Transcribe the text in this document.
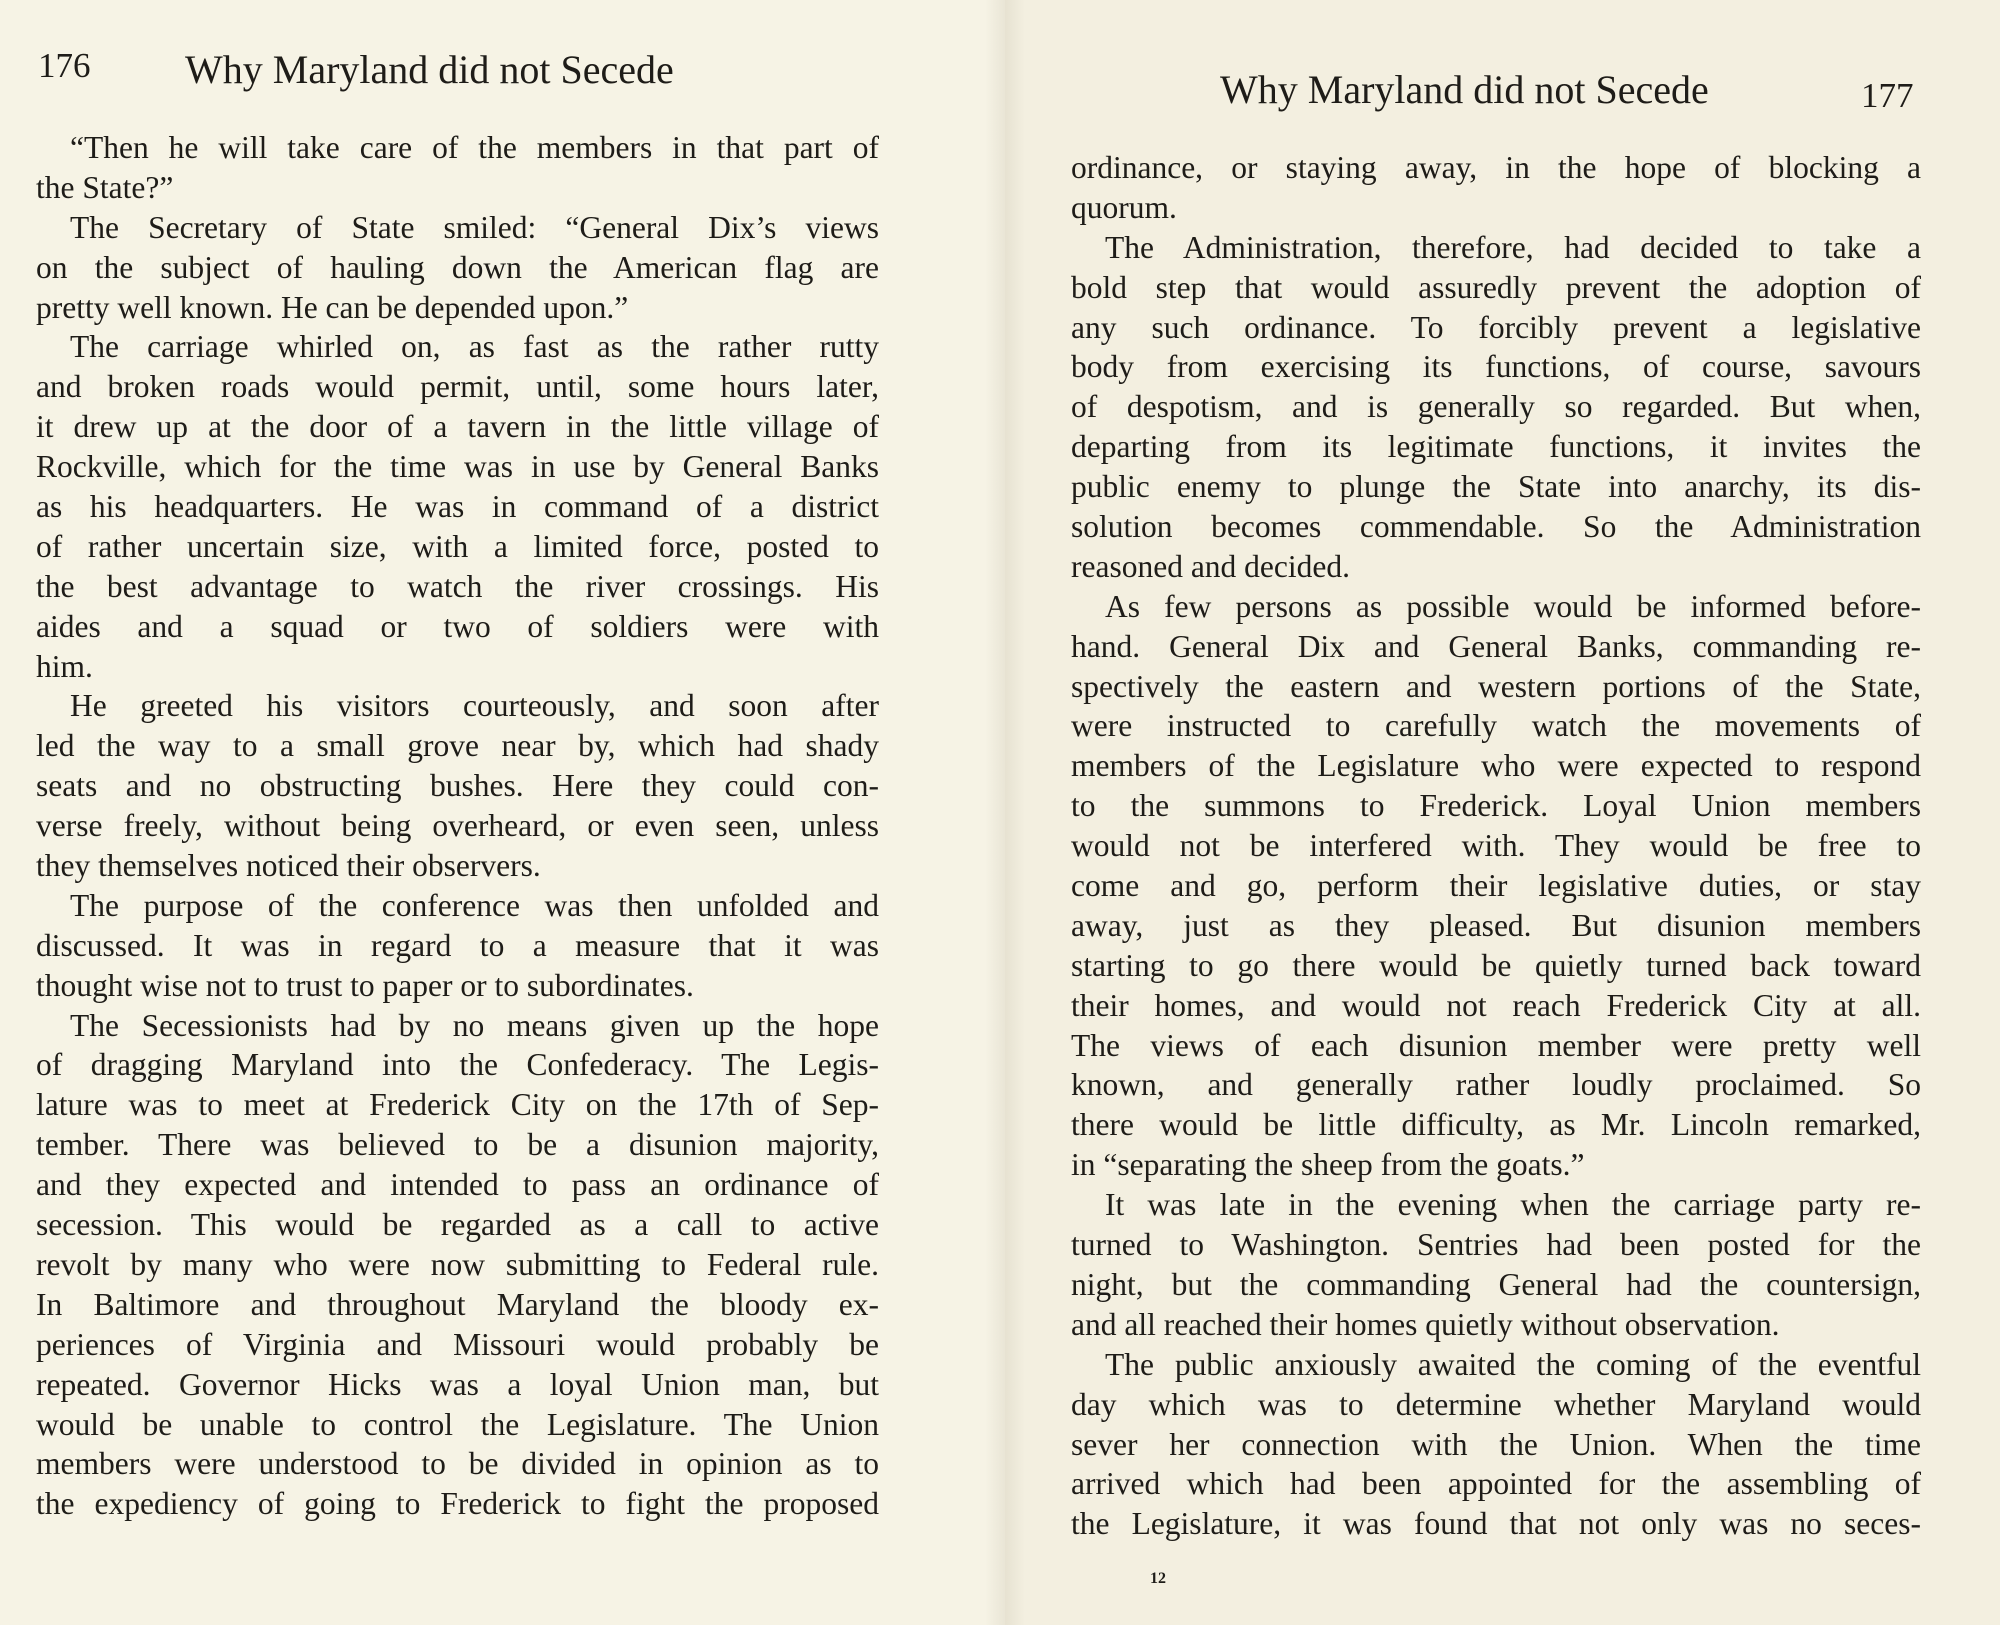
176 Why Maryland did not Secede
“Then he will take care of the members in that part of
the State?”
The Secretary of State smiled: “General Dix’s views
on the subject of hauling down the American flag are
pretty well known. He can be depended upon.”
The carriage whirled on, as fast as the rather rutty
and broken roads would permit, until, some hours later,
it drew up at the door of a tavern in the little village of
Rockville, which for the time was in use by General Banks
as his headquarters. He was in command of a district
of rather uncertain size, with a limited force, posted to
the best advantage to watch the river crossings. His
aides and a squad or two of soldiers were with
him.
He greeted his visitors courteously, and soon after
led the way to a small grove near by, which had shady
seats and no obstructing bushes. Here they could con-
verse freely, without being overheard, or even seen, unless
they themselves noticed their observers.
The purpose of the conference was then unfolded and
discussed. It was in regard to a measure that it was
thought wise not to trust to paper or to subordinates.
The Secessionists had by no means given up the hope
of dragging Maryland into the Confederacy. The Legis-
lature was to meet at Frederick City on the 17th of Sep-
tember. There was believed to be a disunion majority,
and they expected and intended to pass an ordinance of
secession. This would be regarded as a call to active
revolt by many who were now submitting to Federal rule.
In Baltimore and throughout Maryland the bloody ex-
periences of Virginia and Missouri would probably be
repeated. Governor Hicks was a loyal Union man, but
would be unable to control the Legislature. The Union
members were understood to be divided in opinion as to
the expediency of going to Frederick to fight the proposed
Why Maryland did not Secede	177
ordinance, or staying away, in the hope of blocking a
quorum.
The Administration, therefore, had decided to take a
bold step that would assuredly prevent the adoption of
any such ordinance. To forcibly prevent a legislative
body from exercising its functions, of course, savours
of despotism, and is generally so regarded. But when,
departing from its legitimate functions, it invites the
public enemy to plunge the State into anarchy, its dis-
solution becomes commendable. So the Administration
reasoned and decided.
As few persons as possible would be informed before-
hand. General Dix and General Banks, commanding re-
spectively the eastern and western portions of the State,
were instructed to carefully watch the movements of
members of the Legislature who were expected to respond
to the summons to Frederick. Loyal Union members
would not be interfered with. They would be free to
come and go, perform their legislative duties, or stay
away, just as they pleased. But disunion members
starting to go there would be quietly turned back toward
their homes, and would not reach Frederick City at all.
The views of each disunion member were pretty well
known, and generally rather loudly proclaimed. So
there would be little difficulty, as Mr. Lincoln remarked,
in “separating the sheep from the goats.”
It was late in the evening when the carriage party re-
turned to Washington. Sentries had been posted for the
night, but the commanding General had the countersign,
and all reached their homes quietly without observation.
The public anxiously awaited the coming of the eventful
day which was to determine whether Maryland would
sever her connection with the Union. When the time
arrived which had been appointed for the assembling of
the Legislature, it was found that not only was no seces-
12
